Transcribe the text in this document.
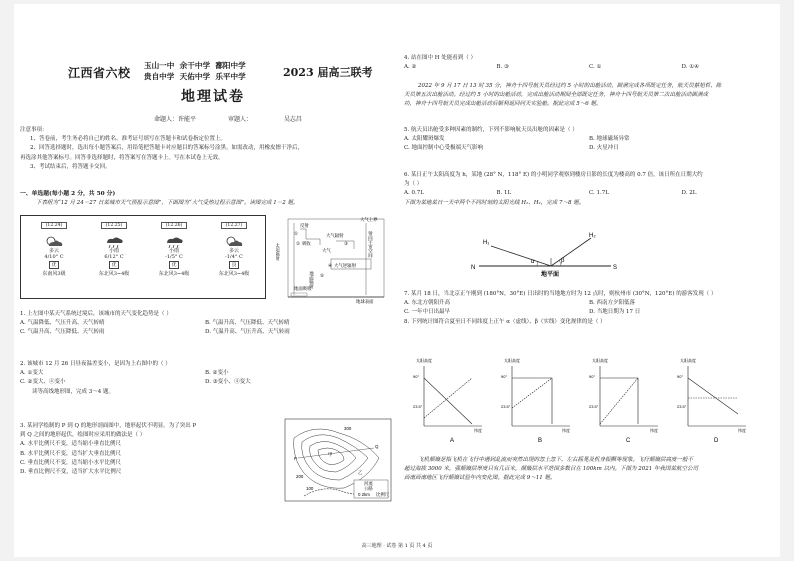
江西省六校
玉山一中  余干中学  鄱阳中学
贵自中学  天佑中学  乐平中学	2023 届高三联考
地理试卷
命题人：许能平	审题人：	吴志昌
注意事项：
1、答卷前，考生务必将自己的姓名、准考证号填写在答题卡和试卷指定位置上。
2、回答选择题时，选出每小题答案后，用铅笔把答题卡对应题目的答案标号涂黑。如需改动，用橡皮擦干净后，
再选涂其他答案标号。回答非选择题时，将答案写在答题卡上。写在本试卷上无效。
3、考试结束后，将答题卡交回。
一、单选题(每小题 2 分，共 50 分)
下表组为“12 月 24－27 日某城市天气预报示意图”，下面图为“大气受热过程示意图”。读图完成 1－2 题。
(12.24)
多云
4/10° C
优
东南风3级
(12.25)
小雨
6/12° C
优
东北风3~4级
(12.26)
小雨
-1/5° C
优
东北风3~4级
(12.27)
多云
-1/4° C
良
东北风3~4级
太阳辐射
反射
吸收
大气
大气辐射
大气逆辐射
地面辐射
射向宇宙空间
地面吸收
地球表面
大气上界
①
②	③
④
⑤
1. 上左图中某天气系统过境后，该城市的天气变化趋势是（ ）
A. 气温降低、气压升高、天气转晴	B. 气温升高、气压降低、天气转晴
C. 气温升高、气压降低、天气转雨	D. 气温升高、气压升高、天气转雨
2. 该城市 12 月 26 日昼夜温差变小，是因为上右图中的（ ）
A. ①变大	B. ②变小
C. ②变大、④变小	D. ③变小、④变大
读等高线地形图，完成 3～4 题。
3. 某同学绘制的 P 到 Q 的地形剖面图中，地形起伏不明显。为了突出 P
到 Q 之间的地形起伏，绘图时应采用的做法是（ ）
A. 水平比例尺不变，适当缩小垂直比例尺
B. 水平比例尺不变，适当扩大垂直比例尺
C. 垂直比例尺不变，适当缩小水平比例尺
D. 垂直比例尺不变，适当扩大水平比例尺
P
Q
甲
乙
200
100
300
河流
公路
0 2km 比例尺
4. 站在图中 H 处能看到（ ）
A. ②	B. ③	C. ①	D. ①④
2022 年 9 月 17 日 13 时 35 分，神舟十四号航天员经过约 5 小时的出舱活动，圆满完成各项既定任务，航天员蔡旭哲、陈
天员第五次出舱活动。经过约 5 小时的出舱活动，完成出舱活动期间全部既定任务，神舟十四号航天员第二次出舱活动圆满成
功，神舟十四号航天员完成出舱活动后顺利返回问天实验舱。据此完成 5～6 题。
5. 航天员出舱受多种因素的制约，下列不影响航天员出舱的因素是（ ）
A. 太阳耀斑爆发	B. 地球磁场异常
C. 地面控制中心受极端天气影响	D. 火星冲日
6. 某日正午太阳高度为 h，某地 (28° N，118° E) 的小明同学观察到楼房日影的长度为楼高的 0.7 倍，该日所在日期大约
为（ ）
A. 0.7L	B. 1L	C. 1.7L	D. 2L
下图为某地某日一天中两个不同时刻的太阳光线 H₁、H₂，完成 7～8 题。
H₁
H₂
N	S
α	β
地平面
7. 某月 18 日，当北京正午刚到 (180°N，30°E) 日出时的当地地方时为 12 点时，则杭州市 (30°N，120°E) 的游客发现（ ）
A. 东北方朝阳升高	B. 西南方夕阳低落
C. 一年中日出最早	D. 当地日期为 17 日
8. 下列统计图符合夏至日不同纬度上正午 α（虚线）、β（实线）变化规律的是（ ）
太阳高度
90°
23.5°
纬度
A
太阳高度
90°
23.5°
纬度
B
太阳高度
90°
23.5°
纬度
C
太阳高度
90°
23.5°
纬度
D
飞机颠簸是指飞机在飞行中遇到乱流而突然出现的忽上忽下、左右摇晃及机身振颤等现象。飞行颠簸层高度一般不
超过海拔 3000 米，强颠簸层厚度只有几百米，颠簸层水平范围多数目在 100km 以内。下图为 2021 年我国某航空公司
西南西南地区飞行颠簸试验年内变化图。据此完成 9～11 题。
高三地理 · 试卷 第 1 页 共 4 页
